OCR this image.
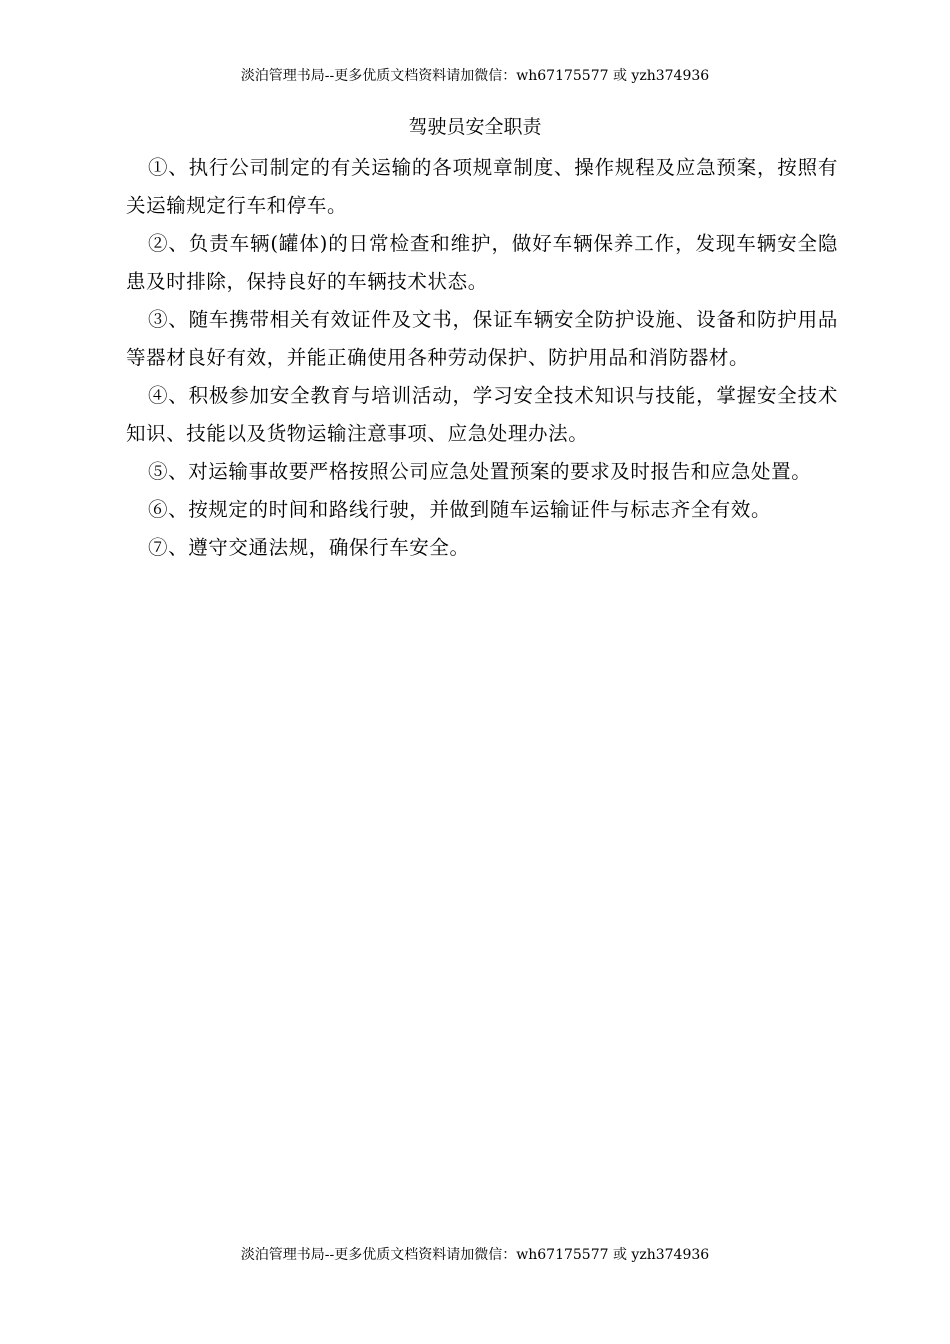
淡泊管理书局--更多优质文档资料请加微信：wh67175577 或 yzh374936
驾驶员安全职责

①、执行公司制定的有关运输的各项规章制度、操作规程及应急预案，按照有关运输规定行车和停车。

②、负责车辆(罐体)的日常检查和维护，做好车辆保养工作，发现车辆安全隐患及时排除，保持良好的车辆技术状态。

③、随车携带相关有效证件及文书，保证车辆安全防护设施、设备和防护用品等器材良好有效，并能正确使用各种劳动保护、防护用品和消防器材。

④、积极参加安全教育与培训活动，学习安全技术知识与技能，掌握安全技术知识、技能以及货物运输注意事项、应急处理办法。

⑤、对运输事故要严格按照公司应急处置预案的要求及时报告和应急处置。

⑥、按规定的时间和路线行驶，并做到随车运输证件与标志齐全有效。

⑦、遵守交通法规，确保行车安全。

淡泊管理书局--更多优质文档资料请加微信：wh67175577 或 yzh374936
